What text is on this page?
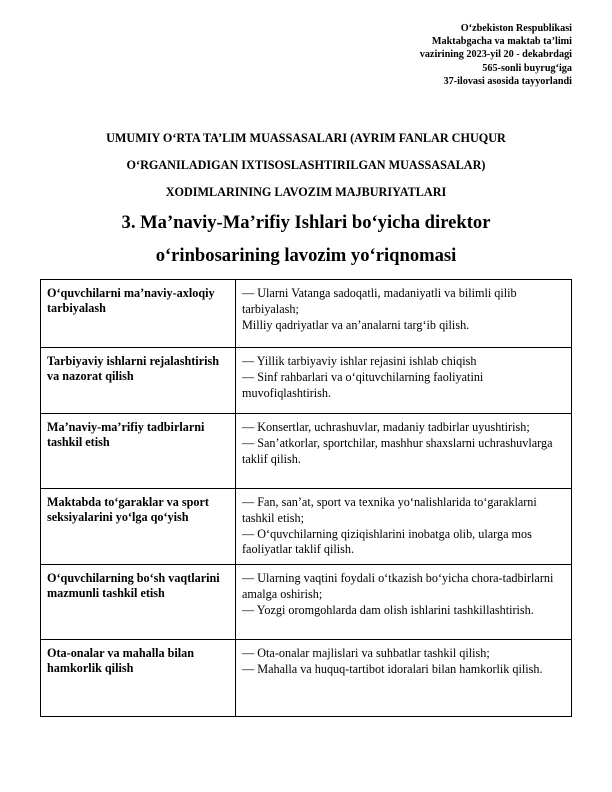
O‘zbekiston Respublikasi
Maktabgacha va maktab ta’limi
vazirining 2023-yil 20 - dekabrdagi
565-sonli buyrug‘iga
37-ilovasi asosida tayyorlandi
UMUMIY O‘RTA TA’LIM MUASSASALARI (AYRIM FANLAR CHUQUR
O‘RGANILADIGAN IXTISOSLASHTIRILGAN MUASSASALAR)
XODIMLARINING LAVOZIM MAJBURIYATLARI
3. Ma’naviy-Ma’rifiy Ishlari bo‘yicha direktor
o‘rinbosarining lavozim yo‘riqnomasi
O‘quvchilarni ma’naviy-axloqiy tarbiyalash	— Ularni Vatanga sadoqatli, madaniyatli va bilimli qilib tarbiyalash;
Milliy qadriyatlar va an’analarni targ‘ib qilish.

Tarbiyaviy ishlarni rejalashtirish va nazorat qilish	— Yillik tarbiyaviy ishlar rejasini ishlab chiqish
— Sinf rahbarlari va o‘qituvchilarning faoliyatini muvofiqlashtirish.

Ma’naviy-ma’rifiy tadbirlarni tashkil etish	— Konsertlar, uchrashuvlar, madaniy tadbirlar uyushtirish;
— San’atkorlar, sportchilar, mashhur shaxslarni uchrashuvlarga taklif qilish.

Maktabda to‘garaklar va sport seksiyalarini yo‘lga qo‘yish	— Fan, san’at, sport va texnika yo‘nalishlarida to‘garaklarni tashkil etish;
— O‘quvchilarning qiziqishlarini inobatga olib, ularga mos faoliyatlar taklif qilish.

O‘quvchilarning bo‘sh vaqtlarini mazmunli tashkil etish	— Ularning vaqtini foydali o‘tkazish bo‘yicha chora-tadbirlarni amalga oshirish;
— Yozgi oromgohlarda dam olish ishlarini tashkillashtirish.

Ota-onalar va mahalla bilan hamkorlik qilish	— Ota-onalar majlislari va suhbatlar tashkil qilish;
— Mahalla va huquq-tartibot idoralari bilan hamkorlik qilish.
